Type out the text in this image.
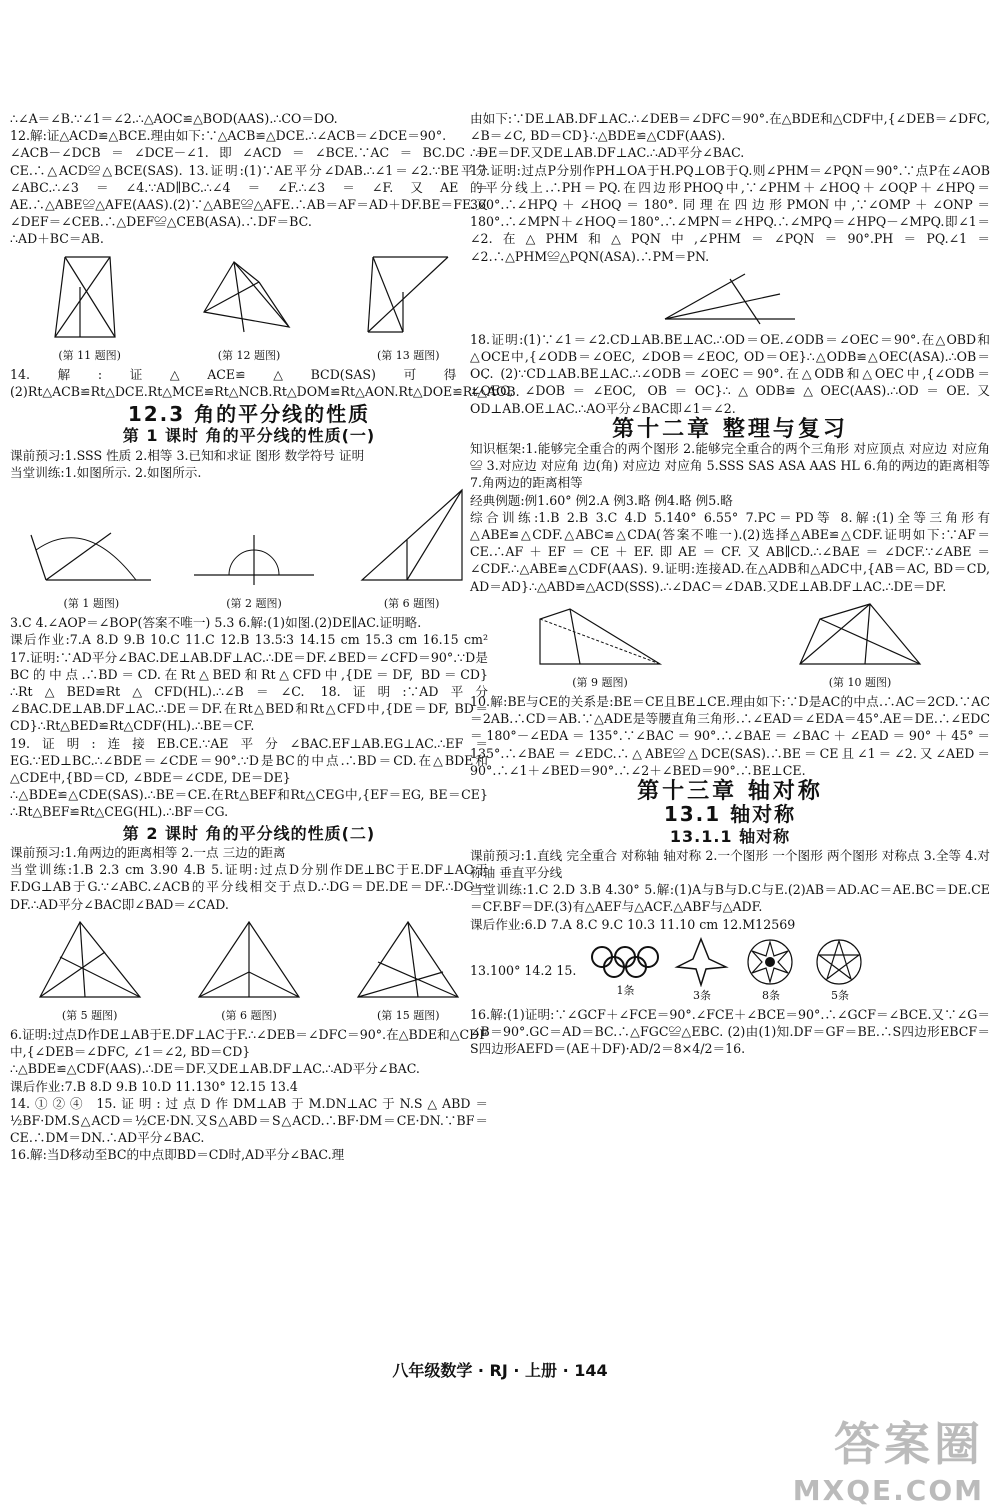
∴∠A＝∠B.∵∠1＝∠2.∴△AOC≌△BOD(AAS).∴CO＝DO.

12.解:证△ACD≌△BCE.理由如下:∵△ACB≌△DCE.∴∠ACB＝∠DCE＝90°.

∠ACB－∠DCB＝∠DCE－∠1.即∠ACD＝∠BCE.∵AC＝BC.DC＝CE.∴△ACD≌△BCE(SAS). 13.证明:(1)∵AE平分∠DAB.∴∠1＝∠2.∵BE平分∠ABC.∴∠3＝∠4.∵AD∥BC.∴∠4＝∠F.∴∠3＝∠F.又AE＝AE.∴△ABE≌△AFE(AAS).(2)∵△ABE≌△AFE.∴AB＝AF＝AD＋DF.BE＝FE.又∠DEF＝∠CEB.∴△DEF≌△CEB(ASA).∴DF＝BC.

∴AD＋BC＝AB.

(第 11 题图)	(第 12 题图)	(第 13 题图)

14.解:证△ACE≌△BCD(SAS)可得.(2)Rt△ACB≌Rt△DCE.Rt△MCE≌Rt△NCB.Rt△DOM≌Rt△AON.Rt△DOE≌Rt△AOB.

12.3 角的平分线的性质
第 1 课时 角的平分线的性质(一)

课前预习:1.SSS 性质 2.相等 3.已知和求证 图形 数学符号 证明

当堂训练:1.如图所示. 2.如图所示.

(第 1 题图)	(第 2 题图)	(第 6 题图)

3.C 4.∠AOP＝∠BOP(答案不唯一) 5.3 6.解:(1)如图.(2)DE∥AC.证明略.

课后作业:7.A 8.D 9.B 10.C 11.C 12.B 13.5∶3 14.15 cm 15.3 cm 16.15 cm² 17.证明:∵AD平分∠BAC.DE⊥AB.DF⊥AC.∴DE＝DF.∠BED＝∠CFD＝90°.∵D是BC的中点.∴BD＝CD.在Rt△BED和Rt△CFD中,{DE＝DF, BD＝CD}∴Rt△BED≌Rt△CFD(HL).∴∠B＝∠C. 18.证明:∵AD平分∠BAC.DE⊥AB.DF⊥AC.∴DE＝DF.在Rt△BED和Rt△CFD中,{DE＝DF, BD＝CD}∴Rt△BED≌Rt△CDF(HL).∴BE＝CF.

19.证明:连接EB.CE.∵AE平分∠BAC.EF⊥AB.EG⊥AC.∴EF＝EG.∵ED⊥BC.∴∠BDE＝∠CDE＝90°.∵D是BC的中点.∴BD＝CD.在△BDE和△CDE中,{BD＝CD, ∠BDE＝∠CDE, DE＝DE}

∴△BDE≌△CDE(SAS).∴BE＝CE.在Rt△BEF和Rt△CEG中,{EF＝EG, BE＝CE}∴Rt△BEF≌Rt△CEG(HL).∴BF＝CG.

第 2 课时 角的平分线的性质(二)

课前预习:1.角两边的距离相等 2.一点 三边的距离

当堂训练:1.B 2.3 cm 3.90 4.B 5.证明:过点D分别作DE⊥BC于E.DF⊥AC于F.DG⊥AB于G.∵∠ABC.∠ACB的平分线相交于点D.∴DG＝DE.DE＝DF.∴DG＝DF.∴AD平分∠BAC即∠BAD＝∠CAD.

(第 5 题图)	(第 6 题图)	(第 15 题图)

6.证明:过点D作DE⊥AB于E.DF⊥AC于F.∴∠DEB＝∠DFC＝90°.在△BDE和△CDF中,{∠DEB＝∠DFC, ∠1＝∠2, BD＝CD}

∴△BDE≌△CDF(AAS).∴DE＝DF.又DE⊥AB.DF⊥AC.∴AD平分∠BAC.

课后作业:7.B 8.D 9.B 10.D 11.130° 12.15 13.4

14.①②④ 15.证明:过点D作DM⊥AB于M.DN⊥AC于N.S△ABD＝½BF·DM.S△ACD＝½CE·DN.又S△ABD＝S△ACD.∴BF·DM＝CE·DN.∵BF＝CE.∴DM＝DN.∴AD平分∠BAC.

16.解:当D移动至BC的中点即BD＝CD时,AD平分∠BAC.理

由如下:∵DE⊥AB.DF⊥AC.∴∠DEB＝∠DFC＝90°.在△BDE和△CDF中,{∠DEB＝∠DFC, ∠B＝∠C, BD＝CD}∴△BDE≌△CDF(AAS).

∴DE＝DF.又DE⊥AB.DF⊥AC.∴AD平分∠BAC.

17.证明:过点P分别作PH⊥OA于H.PQ⊥OB于Q.则∠PHM＝∠PQN＝90°.∵点P在∠AOB的平分线上.∴PH＝PQ.在四边形PHOQ中,∵∠PHM＋∠HOQ＋∠OQP＋∠HPQ＝360°.∴∠HPQ＋∠HOQ＝180°.同理在四边形PMON中,∵∠OMP＋∠ONP＝180°.∴∠MPN＋∠HOQ＝180°.∴∠MPN＝∠HPQ.∴∠MPQ＝∠HPQ－∠MPQ.即∠1＝∠2.在△PHM和△PQN中,∠PHM＝∠PQN＝90°.PH＝PQ.∠1＝∠2.∴△PHM≌△PQN(ASA).∴PM＝PN.

18.证明:(1)∵∠1＝∠2.CD⊥AB.BE⊥AC.∴OD＝OE.∠ODB＝∠OEC＝90°.在△OBD和△OCE中,{∠ODB＝∠OEC, ∠DOB＝∠EOC, OD＝OE}∴△ODB≌△OEC(ASA).∴OB＝OC. (2)∵CD⊥AB.BE⊥AC.∴∠ODB＝∠OEC＝90°.在△ODB和△OEC中,{∠ODB＝∠OEC, ∠DOB＝∠EOC, OB＝OC}∴△ODB≌△OEC(AAS).∴OD＝OE.又OD⊥AB.OE⊥AC.∴AO平分∠BAC即∠1＝∠2.

第十二章 整理与复习

知识框架:1.能够完全重合的两个图形 2.能够完全重合的两个三角形 对应顶点 对应边 对应角 ≌ 3.对应边 对应角 边(角) 对应边 对应角 5.SSS SAS ASA AAS HL 6.角的两边的距离相等 7.角两边的距离相等

经典例题:例1.60° 例2.A 例3.略 例4.略 例5.略

综合训练:1.B 2.B 3.C 4.D 5.140° 6.55° 7.PC＝PD等 8.解:(1)全等三角形有△ABE≌△CDF.△ABC≌△CDA(答案不唯一).(2)选择△ABE≌△CDF.证明如下:∵AF＝CE.∴AF＋EF＝CE＋EF.即AE＝CF.又AB∥CD.∴∠BAE＝∠DCF.∵∠ABE＝∠CDF.∴△ABE≌△CDF(AAS). 9.证明:连接AD.在△ADB和△ADC中,{AB＝AC, BD＝CD, AD＝AD}∴△ABD≌△ACD(SSS).∴∠DAC＝∠DAB.又DE⊥AB.DF⊥AC.∴DE＝DF.

(第 9 题图)	(第 10 题图)

10.解:BE与CE的关系是:BE＝CE且BE⊥CE.理由如下:∵D是AC的中点.∴AC＝2CD.∵AC＝2AB.∴CD＝AB.∵△ADE是等腰直角三角形.∴∠EAD＝∠EDA＝45°.AE＝DE.∴∠EDC＝180°－∠EDA＝135°.∵∠BAC＝90°.∴∠BAE＝∠BAC＋∠EAD＝90°＋45°＝135°.∴∠BAE＝∠EDC.∴△ABE≌△DCE(SAS).∴BE＝CE且∠1＝∠2.又∠AED＝90°.∴∠1＋∠BED＝90°.∴∠2＋∠BED＝90°.∴BE⊥CE.

第十三章 轴对称
13.1 轴对称
13.1.1 轴对称

课前预习:1.直线 完全重合 对称轴 轴对称 2.一个图形 一个图形 两个图形 对称点 3.全等 4.对称轴 垂直平分线

当堂训练:1.C 2.D 3.B 4.30° 5.解:(1)A与B与D.C与E.(2)AB＝AD.AC＝AE.BC＝DE.CE＝CF.BF＝DF.(3)有△AEF与△ACF.△ABF与△ADF.

课后作业:6.D 7.A 8.C 9.C 10.3 11.10 cm 12.M12569

13.100° 14.2 15.
1条	3条	8条	5条

16.解:(1)证明:∵∠GCF＋∠FCE＝90°.∠FCE＋∠BCE＝90°.∴∠GCF＝∠BCE.又∵∠G＝∠B＝90°.GC＝AD＝BC.∴△FGC≌△EBC. (2)由(1)知.DF＝GF＝BE.∴S四边形EBCF＝S四边形AEFD＝(AE＋DF)·AD/2＝8×4/2＝16.

八年级数学 · RJ · 上册 · 144
答案圈
MXQE.COM
